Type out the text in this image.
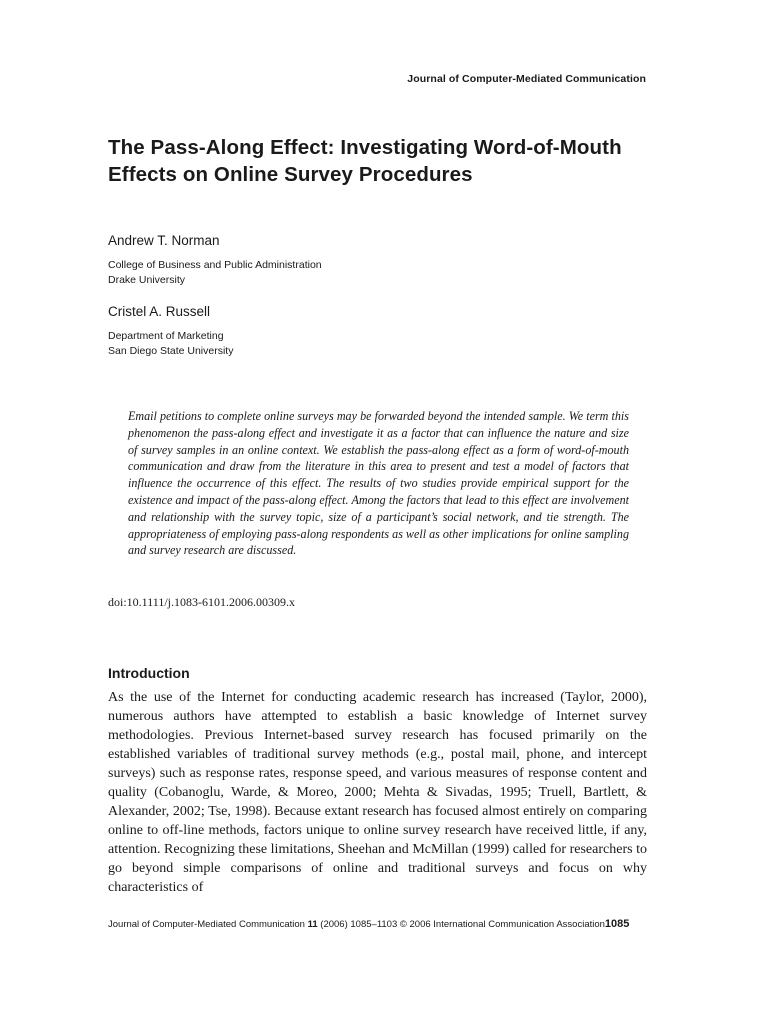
Journal of Computer-Mediated Communication
The Pass-Along Effect: Investigating Word-of-Mouth Effects on Online Survey Procedures

Andrew T. Norman

College of Business and Public Administration
Drake University

Cristel A. Russell

Department of Marketing
San Diego State University

Email petitions to complete online surveys may be forwarded beyond the intended sample. We term this phenomenon the pass-along effect and investigate it as a factor that can influence the nature and size of survey samples in an online context. We establish the pass-along effect as a form of word-of-mouth communication and draw from the literature in this area to present and test a model of factors that influence the occurrence of this effect. The results of two studies provide empirical support for the existence and impact of the pass-along effect. Among the factors that lead to this effect are involvement and relationship with the survey topic, size of a participant’s social network, and tie strength. The appropriateness of employing pass-along respondents as well as other implications for online sampling and survey research are discussed.

doi:10.1111/j.1083-6101.2006.00309.x

Introduction

As the use of the Internet for conducting academic research has increased (Taylor, 2000), numerous authors have attempted to establish a basic knowledge of Internet survey methodologies. Previous Internet-based survey research has focused primarily on the established variables of traditional survey methods (e.g., postal mail, phone, and intercept surveys) such as response rates, response speed, and various measures of response content and quality (Cobanoglu, Warde, & Moreo, 2000; Mehta & Sivadas, 1995; Truell, Bartlett, & Alexander, 2002; Tse, 1998). Because extant research has focused almost entirely on comparing online to off-line methods, factors unique to online survey research have received little, if any, attention. Recognizing these limitations, Sheehan and McMillan (1999) called for researchers to go beyond simple comparisons of online and traditional surveys and focus on why characteristics of

Journal of Computer-Mediated Communication 11 (2006) 1085–1103 © 2006 International Communication Association1085
